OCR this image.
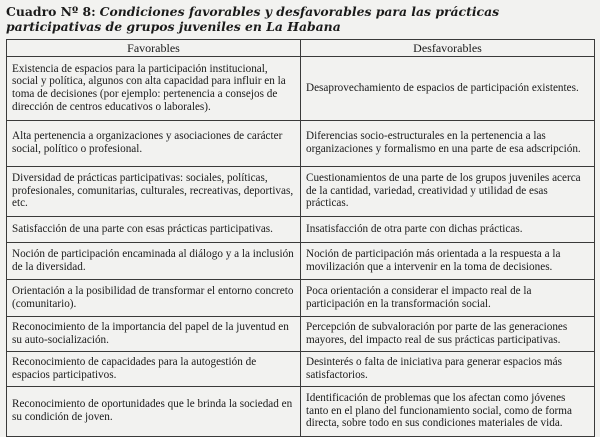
Cuadro Nº 8: Condiciones favorables y desfavorables para las prácticas participativas de grupos juveniles en La Habana
Favorables	Desfavorables
Existencia de espacios para la participación institucional, social y política, algunos con alta capacidad para influir en la toma de decisiones (por ejemplo: pertenencia a consejos de dirección de centros educativos o laborales).	Desaprovechamiento de espacios de participación existentes.
Alta pertenencia a organizaciones y asociaciones de carácter social, político o profesional.	Diferencias socio-estructurales en la pertenencia a las organizaciones y formalismo en una parte de esa adscripción.
Diversidad de prácticas participativas: sociales, políticas, profesionales, comunitarias, culturales, recreativas, deportivas, etc.	Cuestionamientos de una parte de los grupos juveniles acerca de la cantidad, variedad, creatividad y utilidad de esas prácticas.
Satisfacción de una parte con esas prácticas participativas.	Insatisfacción de otra parte con dichas prácticas.
Noción de participación encaminada al diálogo y a la inclusión de la diversidad.	Noción de participación más orientada a la respuesta a la movilización que a intervenir en la toma de decisiones.
Orientación a la posibilidad de transformar el entorno concreto (comunitario).	Poca orientación a considerar el impacto real de la participación en la transformación social.
Reconocimiento de la importancia del papel de la juventud en su auto-socialización.	Percepción de subvaloración por parte de las generaciones mayores, del impacto real de sus prácticas participativas.
Reconocimiento de capacidades para la autogestión de espacios participativos.	Desinterés o falta de iniciativa para generar espacios más satisfactorios.
Reconocimiento de oportunidades que le brinda la sociedad en su condición de joven.	Identificación de problemas que los afectan como jóvenes tanto en el plano del funcionamiento social, como de forma directa, sobre todo en sus condiciones materiales de vida.
